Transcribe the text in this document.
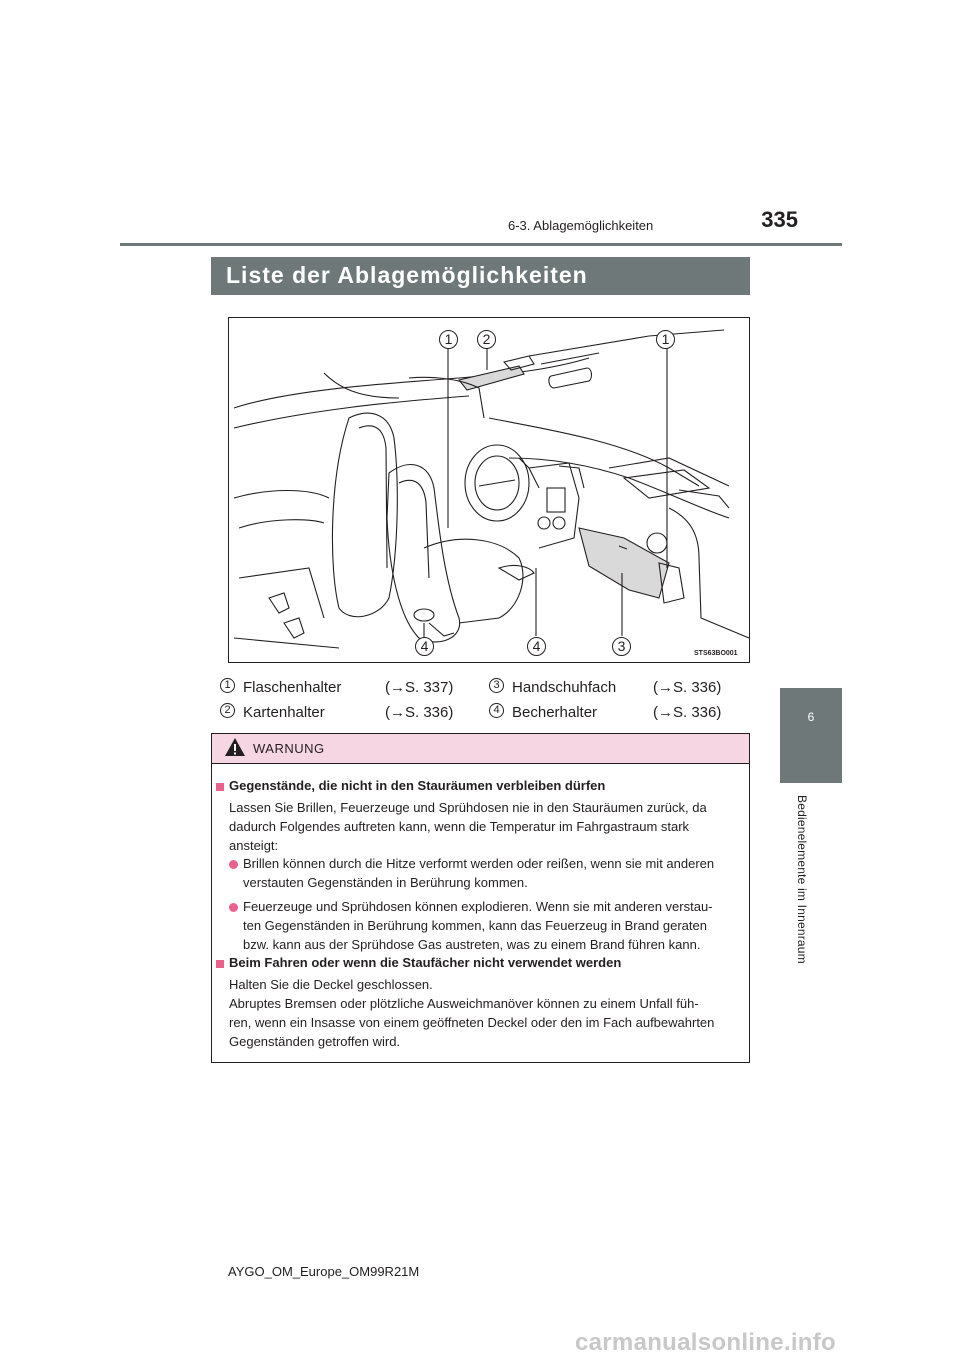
6-3. Ablagemöglichkeiten	335
6
Bedienelemente im Innenraum
Liste der Ablagemöglichkeiten
STS63BO001
1	2	1
4	4	3
1 Flaschenhalter	(→S. 337)
2 Kartenhalter	(→S. 336)
3 Handschuhfach (→S. 336)
4 Becherhalter	(→S. 336)
WARNUNG
Gegenstände, die nicht in den Stauräumen verbleiben dürfen
Lassen Sie Brillen, Feuerzeuge und Sprühdosen nie in den Stauräumen zurück, da
dadurch Folgendes auftreten kann, wenn die Temperatur im Fahrgastraum stark
ansteigt:
Brillen können durch die Hitze verformt werden oder reißen, wenn sie mit anderen
verstauten Gegenständen in Berührung kommen.
Feuerzeuge und Sprühdosen können explodieren. Wenn sie mit anderen verstau-
ten Gegenständen in Berührung kommen, kann das Feuerzeug in Brand geraten
bzw. kann aus der Sprühdose Gas austreten, was zu einem Brand führen kann.
Beim Fahren oder wenn die Staufächer nicht verwendet werden
Halten Sie die Deckel geschlossen.
Abruptes Bremsen oder plötzliche Ausweichmanöver können zu einem Unfall füh-
ren, wenn ein Insasse von einem geöffneten Deckel oder den im Fach aufbewahrten
Gegenständen getroffen wird.
AYGO_OM_Europe_OM99R21M
carmanualsonline.info
